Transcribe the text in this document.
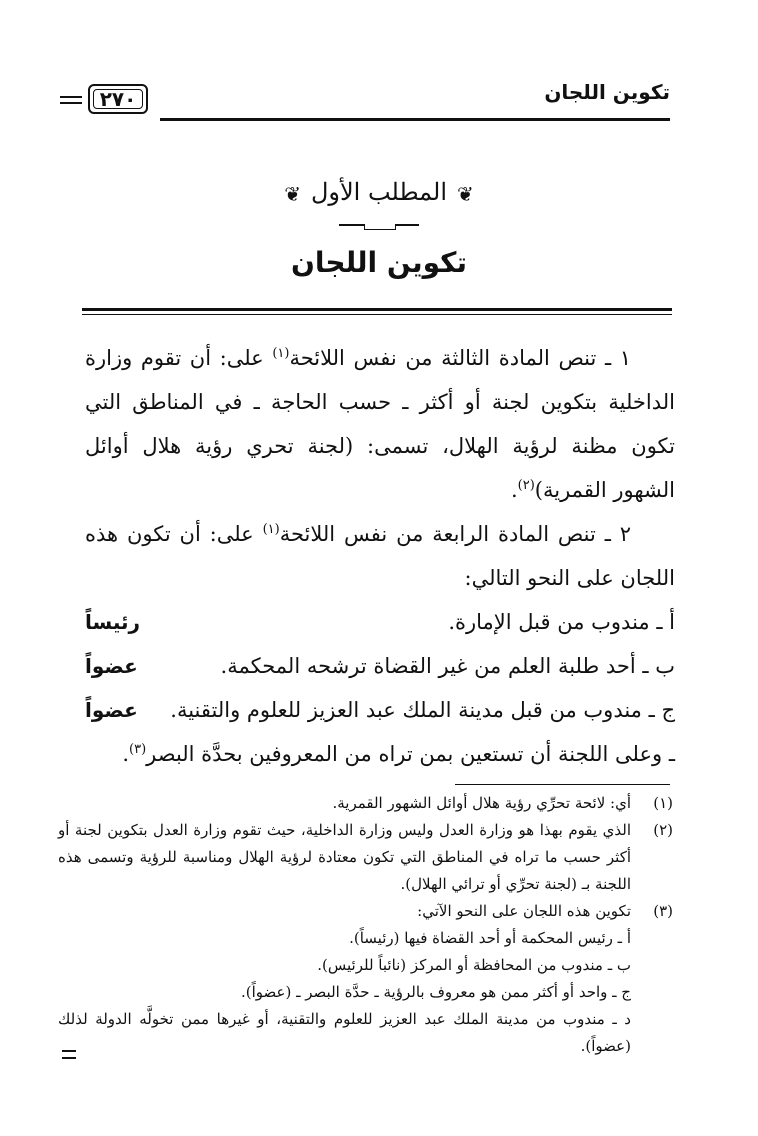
تكوين اللجان
٢٧٠
❦المطلب الأول❦
تكوين اللجان

١ ـ تنص المادة الثالثة من نفس اللائحة$^{(١)}$ على: أن تقوم وزارة الداخلية بتكوين لجنة أو أكثر ـ حسب الحاجة ـ في المناطق التي تكون مظنة لرؤية الهلال، تسمى: (لجنة تحري رؤية هلال أوائل الشهور القمرية)$^{(٢)}$.

٢ ـ تنص المادة الرابعة من نفس اللائحة$^{(١)}$ على: أن تكون هذه اللجان على النحو التالي:

أ ـ مندوب من قبل الإمارة.
رئيساً
ب ـ أحد طلبة العلم من غير القضاة ترشحه المحكمة.
عضواً
ج ـ مندوب من قبل مدينة الملك عبد العزيز للعلوم والتقنية.
عضواً

ـ وعلى اللجنة أن تستعين بمن تراه من المعروفين بحدَّة البصر$^{(٣)}$.

(١)
أي: لائحة تحرِّي رؤية هلال أوائل الشهور القمرية.
(٢)
الذي يقوم بهذا هو وزارة العدل وليس وزارة الداخلية، حيث تقوم وزارة العدل بتكوين لجنة أو أكثر حسب ما تراه في المناطق التي تكون معتادة لرؤية الهلال ومناسبة للرؤية وتسمى هذه اللجنة بـ (لجنة تحرِّي أو ترائي الهلال).
(٣)
تكوين هذه اللجان على النحو الآتي:
أ ـ رئيس المحكمة أو أحد القضاة فيها (رئيساً).
ب ـ مندوب من المحافظة أو المركز (نائباً للرئيس).
ج ـ واحد أو أكثر ممن هو معروف بالرؤية ـ حدَّة البصر ـ (عضواً).
د ـ مندوب من مدينة الملك عبد العزيز للعلوم والتقنية، أو غيرها ممن تخولَّه الدولة لذلك (عضواً).
